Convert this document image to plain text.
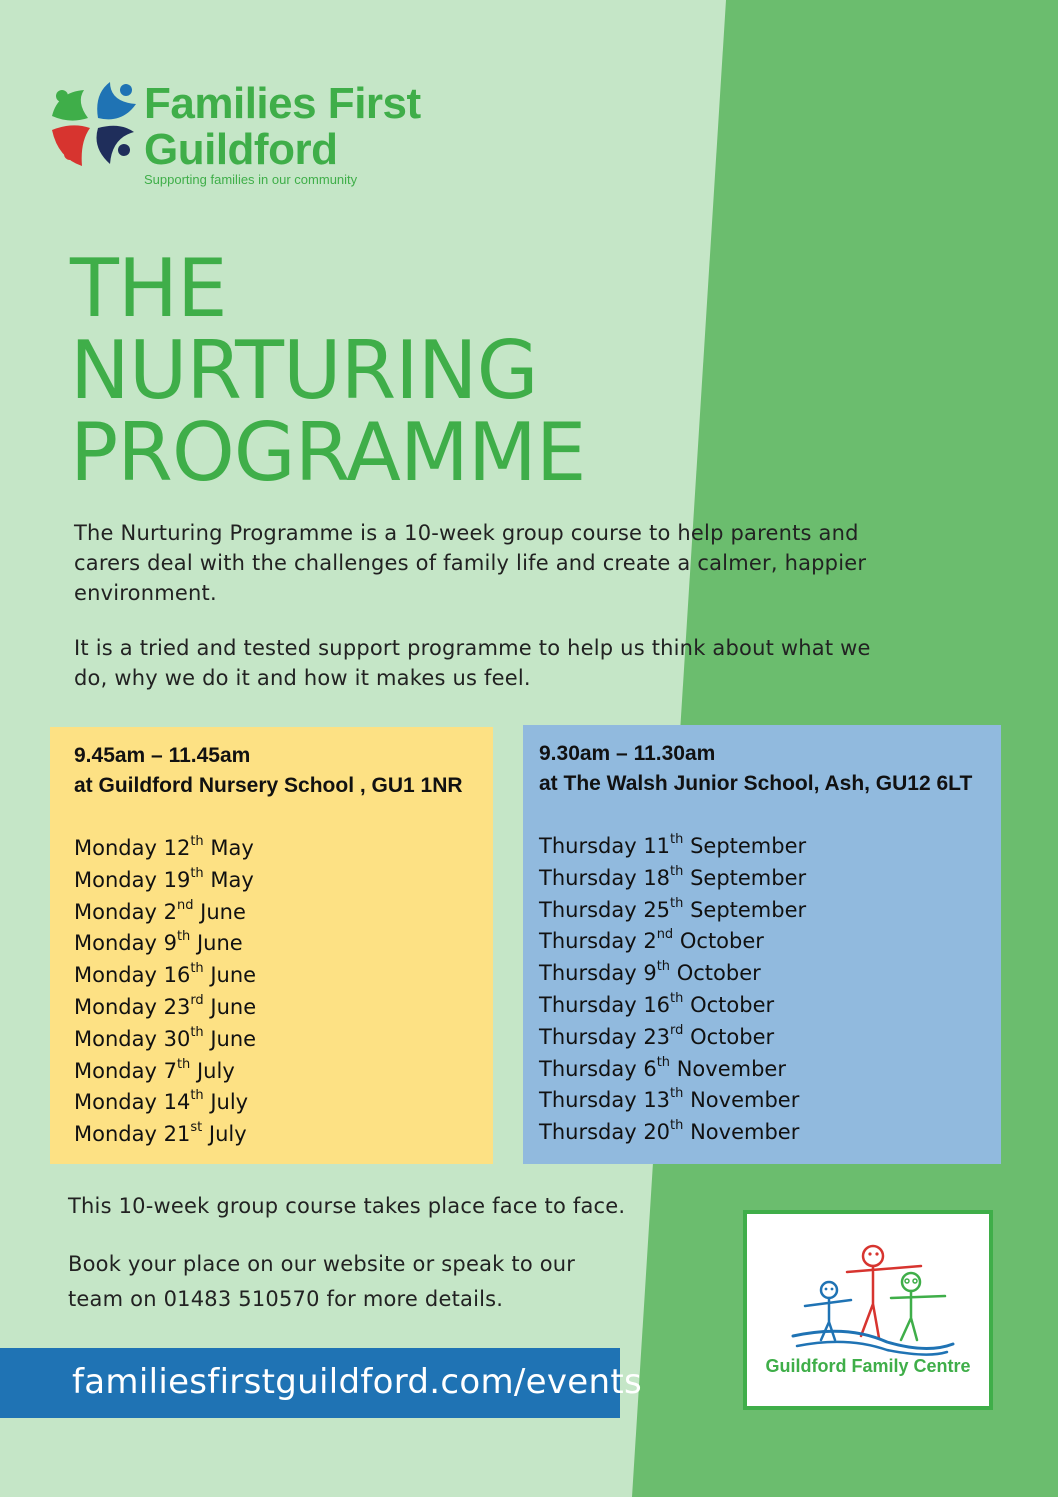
Families First
Guildford
Supporting families in our community
THE
NURTURING
PROGRAMME
The Nurturing Programme is a 10-week group course to help parents and carers deal with the challenges of family life and create a calmer, happier environment.
It is a tried and tested support programme to help us think about what we do, why we do it and how it makes us feel.
9.45am – 11.45am
at Guildford Nursery School , GU1 1NR
Monday 12th May
Monday 19th May
Monday 2nd June
Monday 9th June
Monday 16th June
Monday 23rd June
Monday 30th June
Monday 7th July
Monday 14th July
Monday 21st July
9.30am – 11.30am
at The Walsh Junior School, Ash, GU12 6LT
Thursday 11th September
Thursday 18th September
Thursday 25th September
Thursday 2nd October
Thursday 9th October
Thursday 16th October
Thursday 23rd October
Thursday 6th November
Thursday 13th November
Thursday 20th November
This 10-week group course takes place face to face.
Book your place on our website or speak to our
team on 01483 510570 for more details.
familiesfirstguildford.com/events	Guildford Family Centre
